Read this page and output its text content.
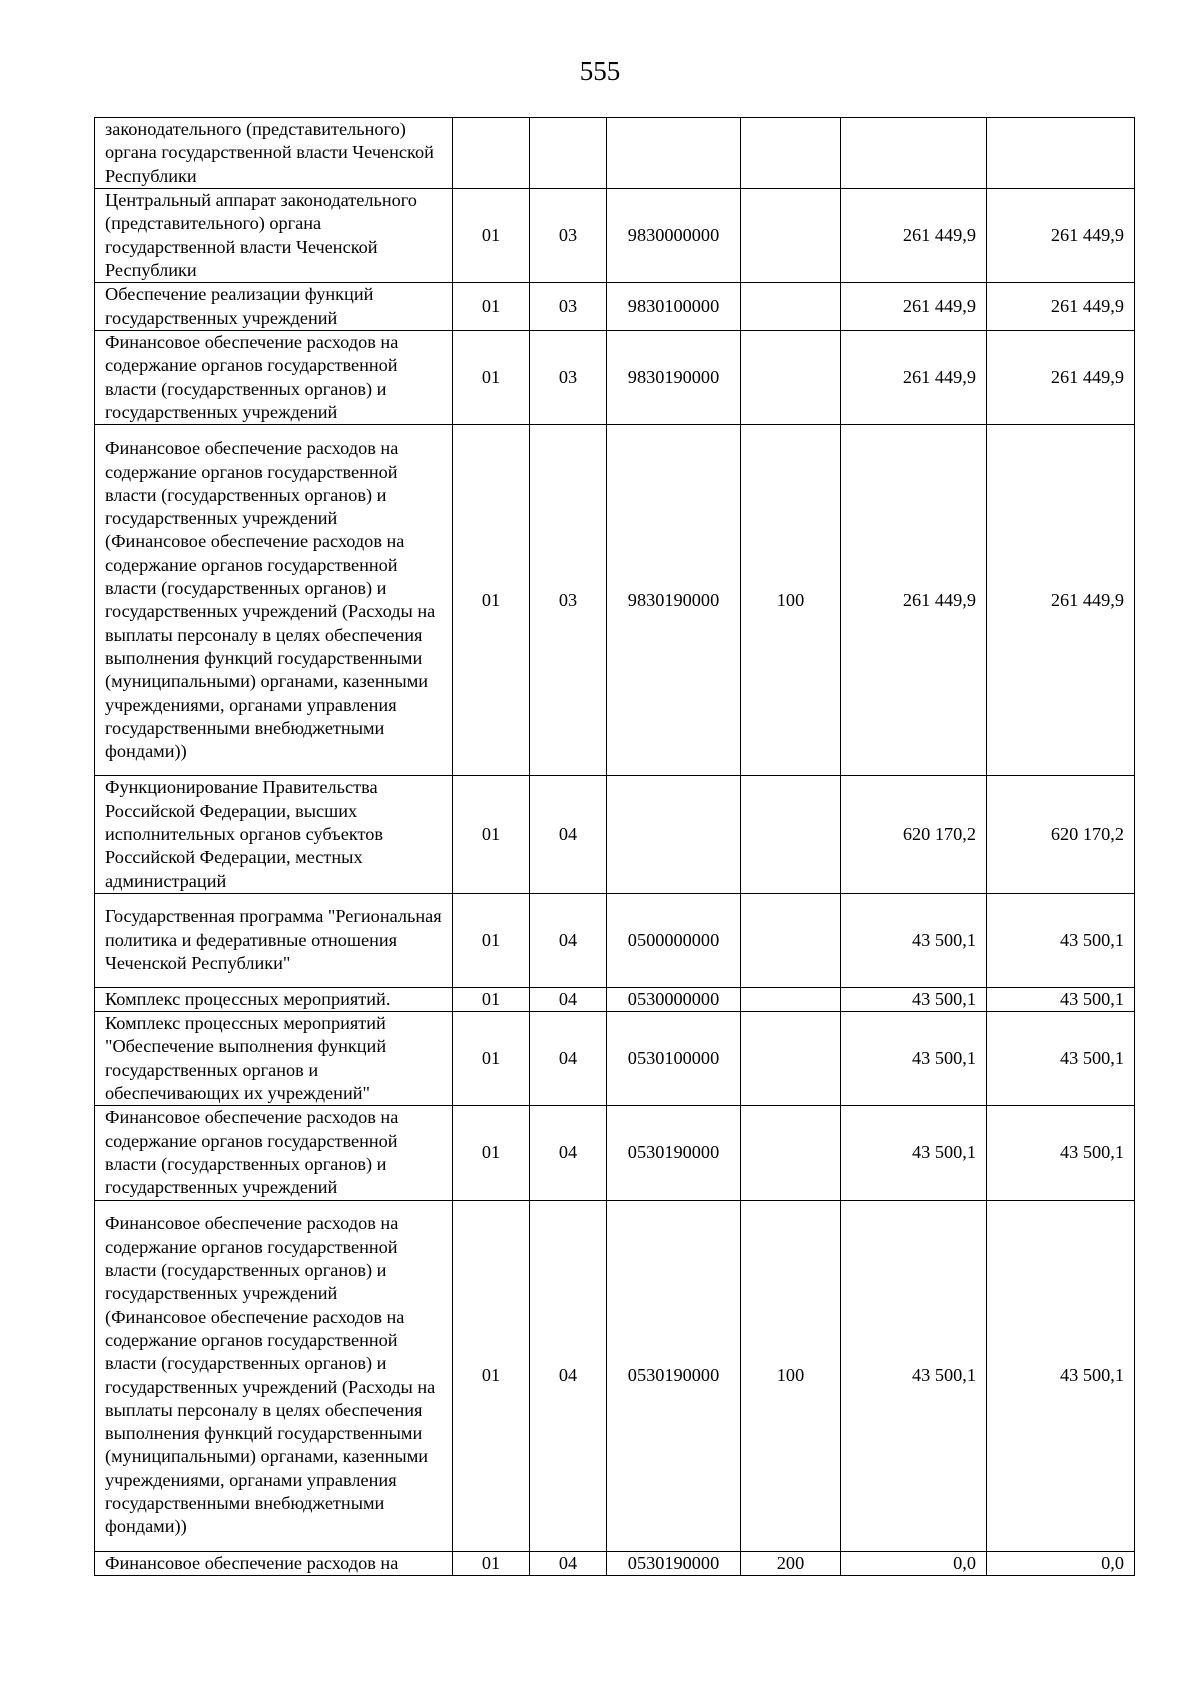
555
законодательного (представительного) органа государственной власти Чеченской Республики						
Центральный аппарат законодательного (представительного) органа государственной власти Чеченской Республики	01	03	9830000000		261 449,9	261 449,9
Обеспечение реализации функций государственных учреждений	01	03	9830100000		261 449,9	261 449,9
Финансовое обеспечение расходов на содержание органов государственной власти (государственных органов) и государственных учреждений	01	03	9830190000		261 449,9	261 449,9
Финансовое обеспечение расходов на содержание органов государственной власти (государственных органов) и государственных учреждений (Финансовое обеспечение расходов на содержание органов государственной власти (государственных органов) и государственных учреждений (Расходы на выплаты персоналу в целях обеспечения выполнения функций государственными (муниципальными) органами, казенными учреждениями, органами управления государственными внебюджетными фондами))	01	03	9830190000	100	261 449,9	261 449,9
Функционирование Правительства Российской Федерации, высших исполнительных органов субъектов Российской Федерации, местных администраций	01	04			620 170,2	620 170,2
Государственная программа "Региональная политика и федеративные отношения Чеченской Республики"	01	04	0500000000		43 500,1	43 500,1
Комплекс процессных мероприятий.	01	04	0530000000		43 500,1	43 500,1
Комплекс процессных мероприятий "Обеспечение выполнения функций государственных органов и обеспечивающих их учреждений"	01	04	0530100000		43 500,1	43 500,1
Финансовое обеспечение расходов на содержание органов государственной власти (государственных органов) и государственных учреждений	01	04	0530190000		43 500,1	43 500,1
Финансовое обеспечение расходов на содержание органов государственной власти (государственных органов) и государственных учреждений (Финансовое обеспечение расходов на содержание органов государственной власти (государственных органов) и государственных учреждений (Расходы на выплаты персоналу в целях обеспечения выполнения функций государственными (муниципальными) органами, казенными учреждениями, органами управления государственными внебюджетными фондами))	01	04	0530190000	100	43 500,1	43 500,1
Финансовое обеспечение расходов на	01	04	0530190000	200	0,0	0,0
